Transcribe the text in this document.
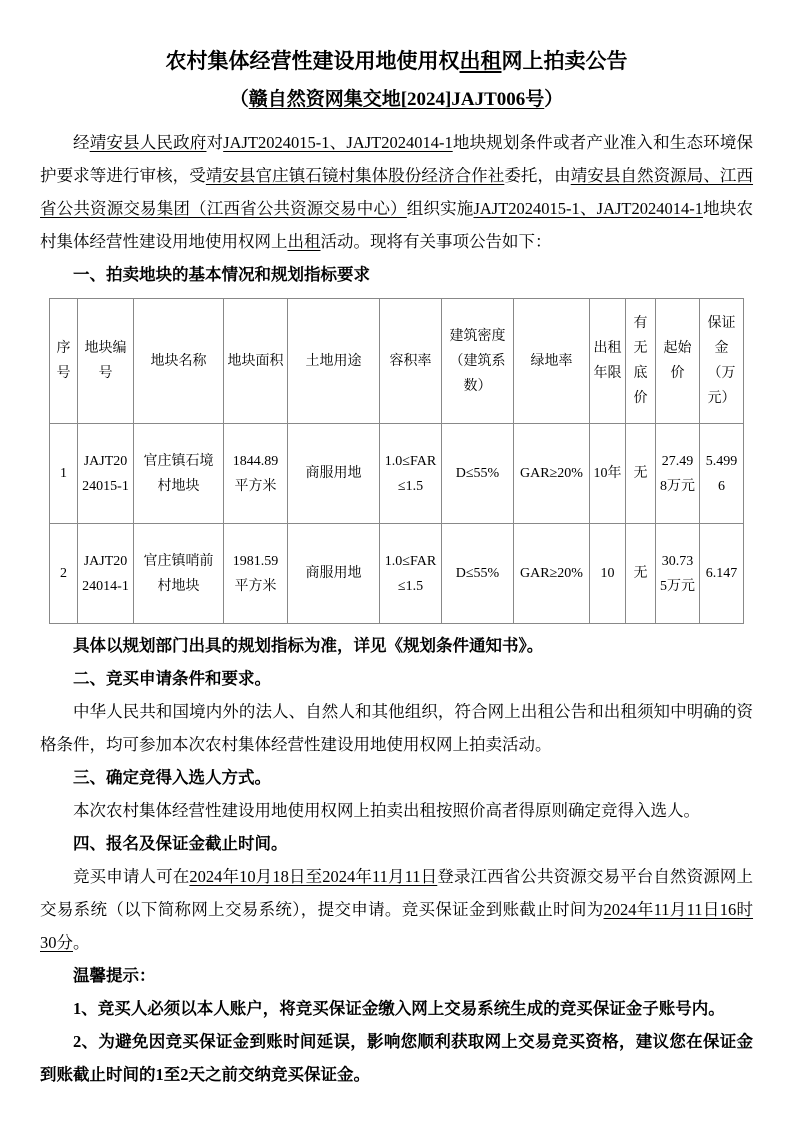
农村集体经营性建设用地使用权出租网上拍卖公告
（赣自然资网集交地[2024]JAJT006号）

经靖安县人民政府对JAJT2024015-1、JAJT2024014-1地块规划条件或者产业准入和生态环境保护要求等进行审核，受靖安县官庄镇石镜村集体股份经济合作社委托，由靖安县自然资源局、江西省公共资源交易集团（江西省公共资源交易中心）组织实施JAJT2024015-1、JAJT2024014-1地块农村集体经营性建设用地使用权网上出租活动。现将有关事项公告如下：

一、拍卖地块的基本情况和规划指标要求
序号	地块编号	地块名称	地块面积	土地用途	容积率	建筑密度（建筑系数）	绿地率	出租年限	有无底价	起始价	保证金（万元）
1	JAJT2024015-1	官庄镇石境村地块	1844.89平方米	商服用地	1.0≤FAR≤1.5	D≤55%	GAR≥20%	10年	无	27.498万元	5.4996
2	JAJT2024014-1	官庄镇哨前村地块	1981.59平方米	商服用地	1.0≤FAR≤1.5	D≤55%	GAR≥20%	10	无	30.735万元	6.147

具体以规划部门出具的规划指标为准，详见《规划条件通知书》。

二、竞买申请条件和要求。

中华人民共和国境内外的法人、自然人和其他组织，符合网上出租公告和出租须知中明确的资格条件，均可参加本次农村集体经营性建设用地使用权网上拍卖活动。

三、确定竞得入选人方式。

本次农村集体经营性建设用地使用权网上拍卖出租按照价高者得原则确定竞得入选人。

四、报名及保证金截止时间。

竞买申请人可在2024年10月18日至2024年11月11日登录江西省公共资源交易平台自然资源网上交易系统（以下简称网上交易系统），提交申请。竞买保证金到账截止时间为2024年11月11日16时30分。

温馨提示：

1、竞买人必须以本人账户，将竞买保证金缴入网上交易系统生成的竞买保证金子账号内。

2、为避免因竞买保证金到账时间延误，影响您顺利获取网上交易竞买资格，建议您在保证金到账截止时间的1至2天之前交纳竞买保证金。
